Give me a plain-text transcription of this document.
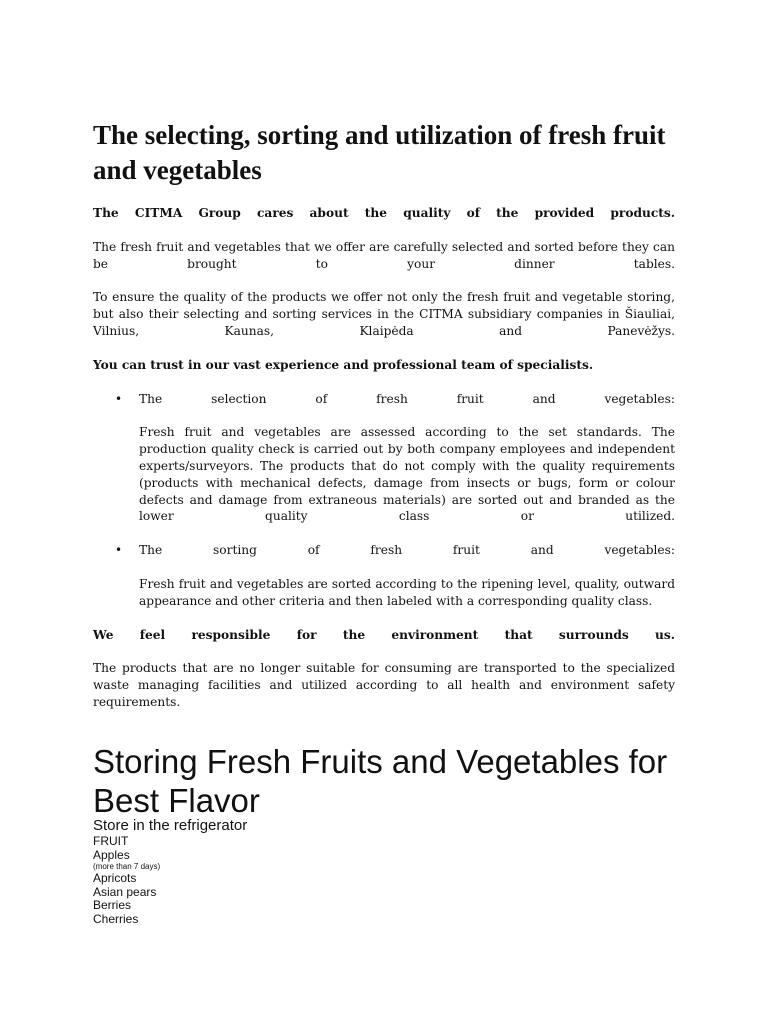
The selecting, sorting and utilization of fresh fruit and vegetables

The CITMA Group cares about the quality of the provided products.

The fresh fruit and vegetables that we offer are carefully selected and sorted before they can be brought to your dinner tables.

To ensure the quality of the products we offer not only the fresh fruit and vegetable storing, but also their selecting and sorting services in the CITMA subsidiary companies in Šiauliai, Vilnius, Kaunas, Klaipėda and Panevėžys.

You can trust in our vast experience and professional team of specialists.

• The selection of fresh fruit and vegetables:

Fresh fruit and vegetables are assessed according to the set standards. The production quality check is carried out by both company employees and independent experts/surveyors. The products that do not comply with the quality requirements (products with mechanical defects, damage from insects or bugs, form or colour defects and damage from extraneous materials) are sorted out and branded as the lower quality class or utilized.

• The sorting of fresh fruit and vegetables:

Fresh fruit and vegetables are sorted according to the ripening level, quality, outward appearance and other criteria and then labeled with a corresponding quality class.

We feel responsible for the environment that surrounds us.

The products that are no longer suitable for consuming are transported to the specialized waste managing facilities and utilized according to all health and environment safety requirements.

Storing Fresh Fruits and Vegetables for Best Flavor
Store in the refrigerator
FRUIT
Apples
(more than 7 days)
Apricots
Asian pears
Berries
Cherries
